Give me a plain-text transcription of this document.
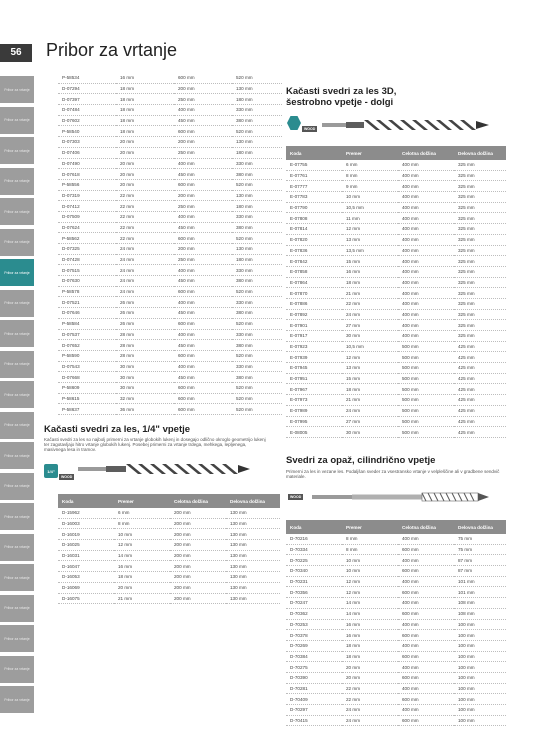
56	Pribor za vrtanje
Pribor za vrtanje
Pribor za vrtanje
Pribor za vrtanje
Pribor za vrtanje
Pribor za vrtanje
Pribor za vrtanje
Pribor za vrtanje
Pribor za vrtanje
Pribor za vrtanje
Pribor za vrtanje
Pribor za vrtanje
Pribor za vrtanje
Pribor za vrtanje
Pribor za vrtanje
Pribor za vrtanje
Pribor za vrtanje
Pribor za vrtanje
Pribor za vrtanje
Pribor za vrtanje
Pribor za vrtanje
Pribor za vrtanje
P-58534	16 mm	600 mm	520 mm
D-07294	18 mm	200 mm	130 mm
D-07397	18 mm	250 mm	180 mm
D-07484	18 mm	400 mm	330 mm
D-07602	18 mm	450 mm	380 mm
P-58540	18 mm	600 mm	520 mm
D-07303	20 mm	200 mm	130 mm
D-07406	20 mm	250 mm	180 mm
D-07490	20 mm	400 mm	330 mm
D-07618	20 mm	450 mm	380 mm
P-58556	20 mm	600 mm	520 mm
D-07319	22 mm	200 mm	130 mm
D-07412	22 mm	250 mm	180 mm
D-07509	22 mm	400 mm	330 mm
D-07624	22 mm	450 mm	380 mm
P-58562	22 mm	600 mm	520 mm
D-07325	24 mm	200 mm	130 mm
D-07428	24 mm	250 mm	180 mm
D-07515	24 mm	400 mm	330 mm
D-07630	24 mm	450 mm	380 mm
P-58578	24 mm	600 mm	520 mm
D-07521	26 mm	400 mm	330 mm
D-07646	26 mm	450 mm	380 mm
P-58584	26 mm	600 mm	520 mm
D-07537	28 mm	400 mm	330 mm
D-07652	28 mm	450 mm	380 mm
P-58590	28 mm	600 mm	520 mm
D-07543	30 mm	400 mm	330 mm
D-07668	30 mm	450 mm	380 mm
P-58609	30 mm	600 mm	520 mm
P-58615	32 mm	600 mm	520 mm
P-58637	36 mm	600 mm	520 mm
Kačasti svedri za les, 1/4" vpetje
Kačasti svedri za les so najbolj primerni za vrtanje globokih lukenj in dosegajo odlično okroglo geometrijo lukenj ter zagotavljajo hitro vrtanje globokih lukenj. Posebej primerni za vrtanje trdega, mehkega, lepljenega, masivnega lesa in tramov.
1/4"
WOOD
Koda	Premer	Celotna dolžina	Delovna dolžina
D-15962	6 mm	200 mm	130 mm
D-16003	8 mm	200 mm	130 mm
D-16019	10 mm	200 mm	130 mm
D-16025	12 mm	200 mm	130 mm
D-16031	14 mm	200 mm	130 mm
D-16047	16 mm	200 mm	130 mm
D-16053	18 mm	200 mm	130 mm
D-16069	20 mm	200 mm	130 mm
D-16075	21 mm	200 mm	130 mm
Kačasti svedri za les 3D,
šestrobno vpetje - dolgi
WOOD
Koda	Premer	Celotna dolžina	Delovna dolžina
E-07755	6 mm	400 mm	325 mm
E-07761	8 mm	400 mm	325 mm
E-07777	9 mm	400 mm	325 mm
E-07783	10 mm	400 mm	325 mm
E-07790	10,5 mm	400 mm	325 mm
E-07808	11 mm	400 mm	325 mm
E-07814	12 mm	400 mm	325 mm
E-07820	13 mm	400 mm	325 mm
E-07836	13,5 mm	400 mm	325 mm
E-07842	15 mm	400 mm	325 mm
E-07858	16 mm	400 mm	325 mm
E-07864	18 mm	400 mm	325 mm
E-07870	21 mm	400 mm	325 mm
E-07886	22 mm	400 mm	325 mm
E-07892	24 mm	400 mm	325 mm
E-07901	27 mm	400 mm	325 mm
E-07917	30 mm	400 mm	325 mm
E-07923	10,5 mm	500 mm	425 mm
E-07939	12 mm	500 mm	425 mm
E-07945	13 mm	500 mm	425 mm
E-07951	15 mm	500 mm	425 mm
E-07967	18 mm	500 mm	425 mm
E-07973	21 mm	500 mm	425 mm
E-07989	24 mm	500 mm	425 mm
E-07995	27 mm	500 mm	425 mm
E-08005	30 mm	500 mm	425 mm
Svedri za opaž, cilindrično vpetje
Primerni za les in vezane les. Podaljšan sveder za vsestransko vrtanje v velpleščine ali v gradbene sendvič materiale.
WOOD
Koda	Premer	Celotna dolžina	Delovna dolžina
D-70216	8 mm	400 mm	75 mm
D-70334	8 mm	600 mm	75 mm
D-70225	10 mm	400 mm	87 mm
D-70340	10 mm	600 mm	87 mm
D-70231	12 mm	400 mm	101 mm
D-70356	12 mm	600 mm	101 mm
D-70247	14 mm	400 mm	108 mm
D-70362	14 mm	600 mm	108 mm
D-70253	16 mm	400 mm	100 mm
D-70378	16 mm	600 mm	100 mm
D-70269	18 mm	400 mm	100 mm
D-70384	18 mm	600 mm	100 mm
D-70275	20 mm	400 mm	100 mm
D-70390	20 mm	600 mm	100 mm
D-70281	22 mm	400 mm	100 mm
D-70409	22 mm	600 mm	100 mm
D-70297	24 mm	400 mm	100 mm
D-70415	24 mm	600 mm	100 mm
